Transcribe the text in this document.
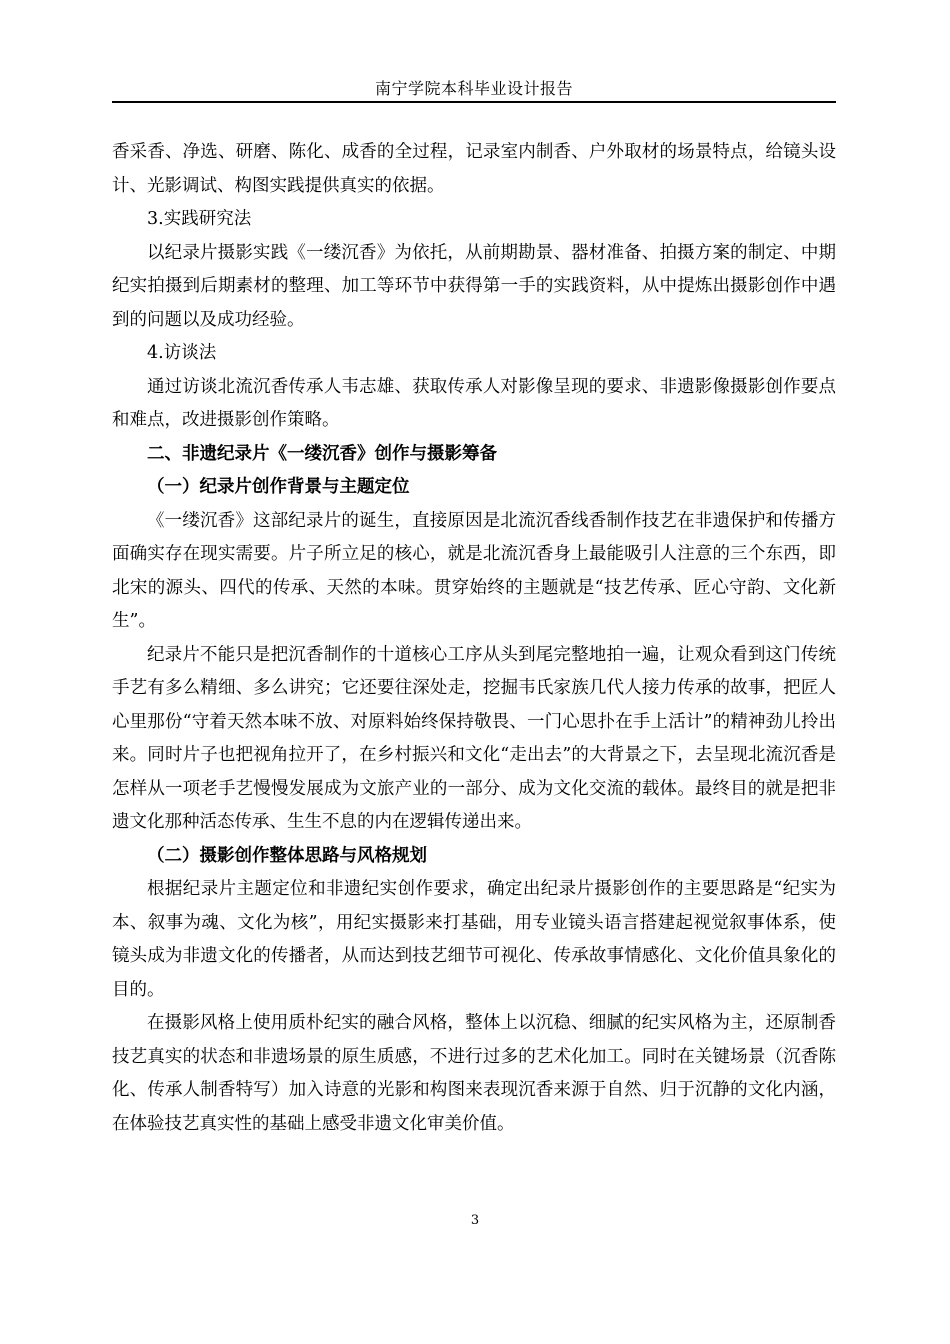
南宁学院本科毕业设计报告

香采香、净选、研磨、陈化、成香的全过程，记录室内制香、户外取材的场景特点，给镜头设计、光影调试、构图实践提供真实的依据。

3.实践研究法

以纪录片摄影实践《一缕沉香》为依托，从前期勘景、器材准备、拍摄方案的制定、中期纪实拍摄到后期素材的整理、加工等环节中获得第一手的实践资料，从中提炼出摄影创作中遇到的问题以及成功经验。

4.访谈法

通过访谈北流沉香传承人韦志雄、获取传承人对影像呈现的要求、非遗影像摄影创作要点和难点，改进摄影创作策略。

二、非遗纪录片《一缕沉香》创作与摄影筹备

（一）纪录片创作背景与主题定位

《一缕沉香》这部纪录片的诞生，直接原因是北流沉香线香制作技艺在非遗保护和传播方面确实存在现实需要。片子所立足的核心，就是北流沉香身上最能吸引人注意的三个东西，即北宋的源头、四代的传承、天然的本味。贯穿始终的主题就是“技艺传承、匠心守韵、文化新生”。

纪录片不能只是把沉香制作的十道核心工序从头到尾完整地拍一遍，让观众看到这门传统手艺有多么精细、多么讲究；它还要往深处走，挖掘韦氏家族几代人接力传承的故事，把匠人心里那份“守着天然本味不放、对原料始终保持敬畏、一门心思扑在手上活计”的精神劲儿拎出来。同时片子也把视角拉开了，在乡村振兴和文化“走出去”的大背景之下，去呈现北流沉香是怎样从一项老手艺慢慢发展成为文旅产业的一部分、成为文化交流的载体。最终目的就是把非遗文化那种活态传承、生生不息的内在逻辑传递出来。

（二）摄影创作整体思路与风格规划

根据纪录片主题定位和非遗纪实创作要求，确定出纪录片摄影创作的主要思路是“纪实为本、叙事为魂、文化为核”，用纪实摄影来打基础，用专业镜头语言搭建起视觉叙事体系，使镜头成为非遗文化的传播者，从而达到技艺细节可视化、传承故事情感化、文化价值具象化的目的。

在摄影风格上使用质朴纪实的融合风格，整体上以沉稳、细腻的纪实风格为主，还原制香技艺真实的状态和非遗场景的原生质感，不进行过多的艺术化加工。同时在关键场景（沉香陈化、传承人制香特写）加入诗意的光影和构图来表现沉香来源于自然、归于沉静的文化内涵，在体验技艺真实性的基础上感受非遗文化审美价值。

3
